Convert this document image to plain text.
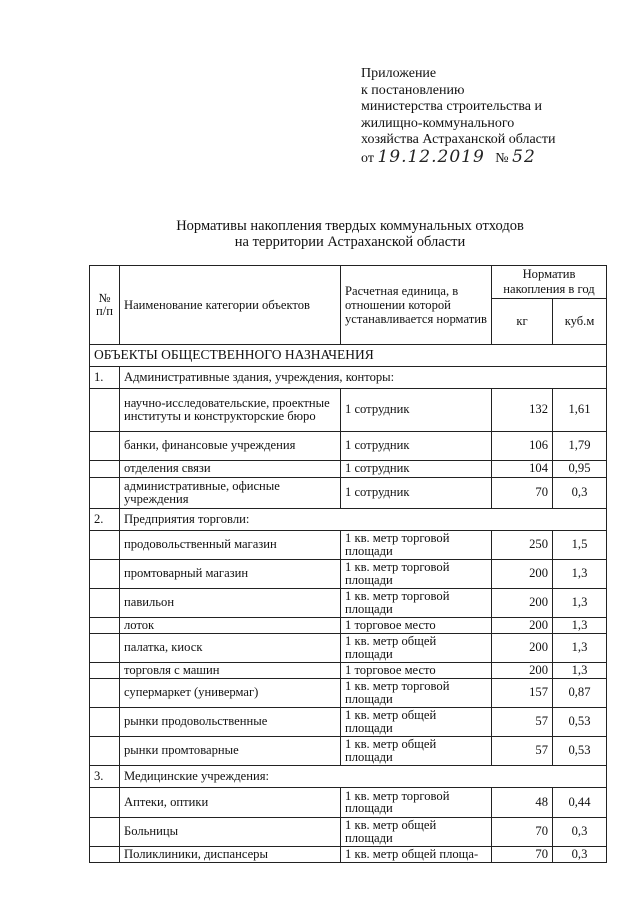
Приложение
к постановлению
министерства строительства и
жилищно-коммунального
хозяйства Астраханской области
от 19.12.2019 № 52
Нормативы накопления твердых коммунальных отходов
на территории Астраханской области
№ п/п	Наименование категории объектов	Расчетная единица, в отношении которой устанавливается норматив	Норматив накопления в год	
			кг	куб.м
ОБЪЕКТЫ ОБЩЕСТВЕННОГО НАЗНАЧЕНИЯ				
1.	Административные здания, учреждения, конторы:			
	научно-исследовательские, проектные институты и конструкторские бюро	1 сотрудник	132	1,61
	банки, финансовые учреждения	1 сотрудник	106	1,79
	отделения связи	1 сотрудник	104	0,95
	административные, офисные учреждения	1 сотрудник	70	0,3
2.	Предприятия торговли:			
	продовольственный магазин	1 кв. метр торговой площади	250	1,5
	промтоварный магазин	1 кв. метр торговой площади	200	1,3
	павильон	1 кв. метр торговой площади	200	1,3
	лоток	1 торговое место	200	1,3
	палатка, киоск	1 кв. метр общей площади	200	1,3
	торговля с машин	1 торговое место	200	1,3
	супермаркет (универмаг)	1 кв. метр торговой площади	157	0,87
	рынки продовольственные	1 кв. метр общей площади	57	0,53
	рынки промтоварные	1 кв. метр общей площади	57	0,53
3.	Медицинские учреждения:			
	Аптеки, оптики	1 кв. метр торговой площади	48	0,44
	Больницы	1 кв. метр общей площади	70	0,3
	Поликлиники, диспансеры	1 кв. метр общей площа-	70	0,3
